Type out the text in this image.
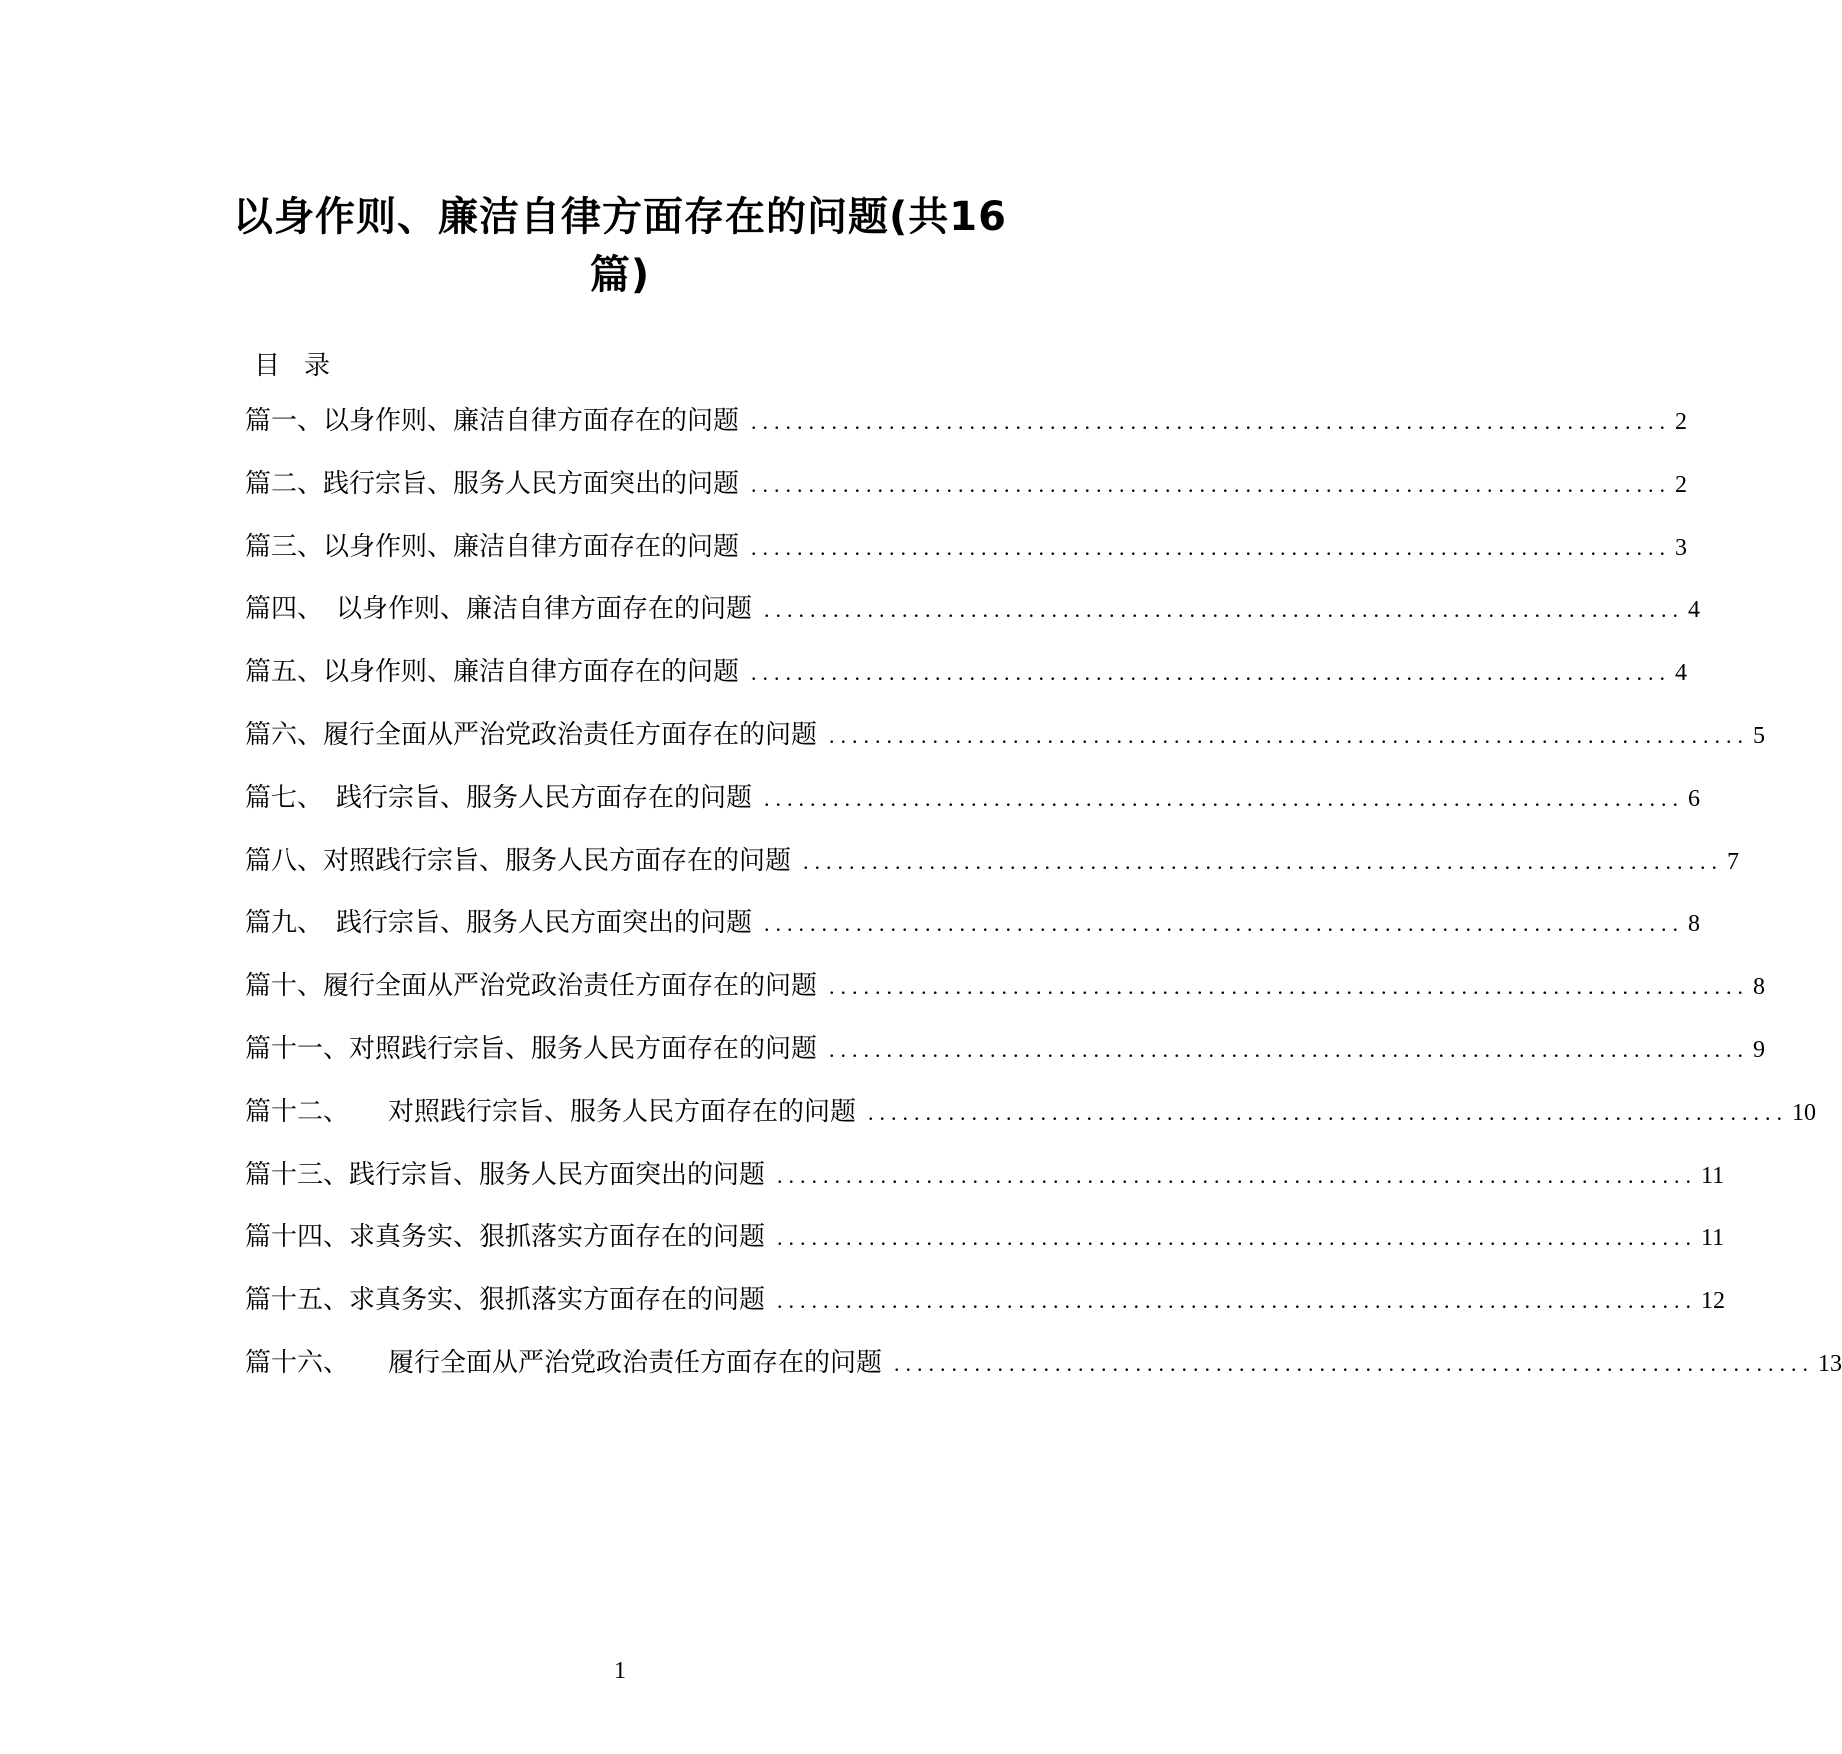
以身作则、廉洁自律方面存在的问题(共16
篇)
目录
篇一、以身作则、廉洁自律方面存在的问题 ................................................................................ 2
篇二、践行宗旨、服务人民方面突出的问题 ................................................................................ 2
篇三、以身作则、廉洁自律方面存在的问题 ................................................................................ 3
篇四、　以身作则、廉洁自律方面存在的问题 ................................................................................ 4
篇五、以身作则、廉洁自律方面存在的问题 ................................................................................ 4
篇六、履行全面从严治党政治责任方面存在的问题 ................................................................................ 5
篇七、　践行宗旨、服务人民方面存在的问题 ................................................................................ 6
篇八、对照践行宗旨、服务人民方面存在的问题 ................................................................................ 7
篇九、　践行宗旨、服务人民方面突出的问题 ................................................................................ 8
篇十、履行全面从严治党政治责任方面存在的问题 ................................................................................ 8
篇十一、对照践行宗旨、服务人民方面存在的问题 ................................................................................ 9
篇十二、　　对照践行宗旨、服务人民方面存在的问题 ................................................................................ 10
篇十三、践行宗旨、服务人民方面突出的问题 ................................................................................ 11
篇十四、求真务实、狠抓落实方面存在的问题 ................................................................................ 11
篇十五、求真务实、狠抓落实方面存在的问题 ................................................................................ 12
篇十六、　　履行全面从严治党政治责任方面存在的问题 ................................................................................ 13
1
